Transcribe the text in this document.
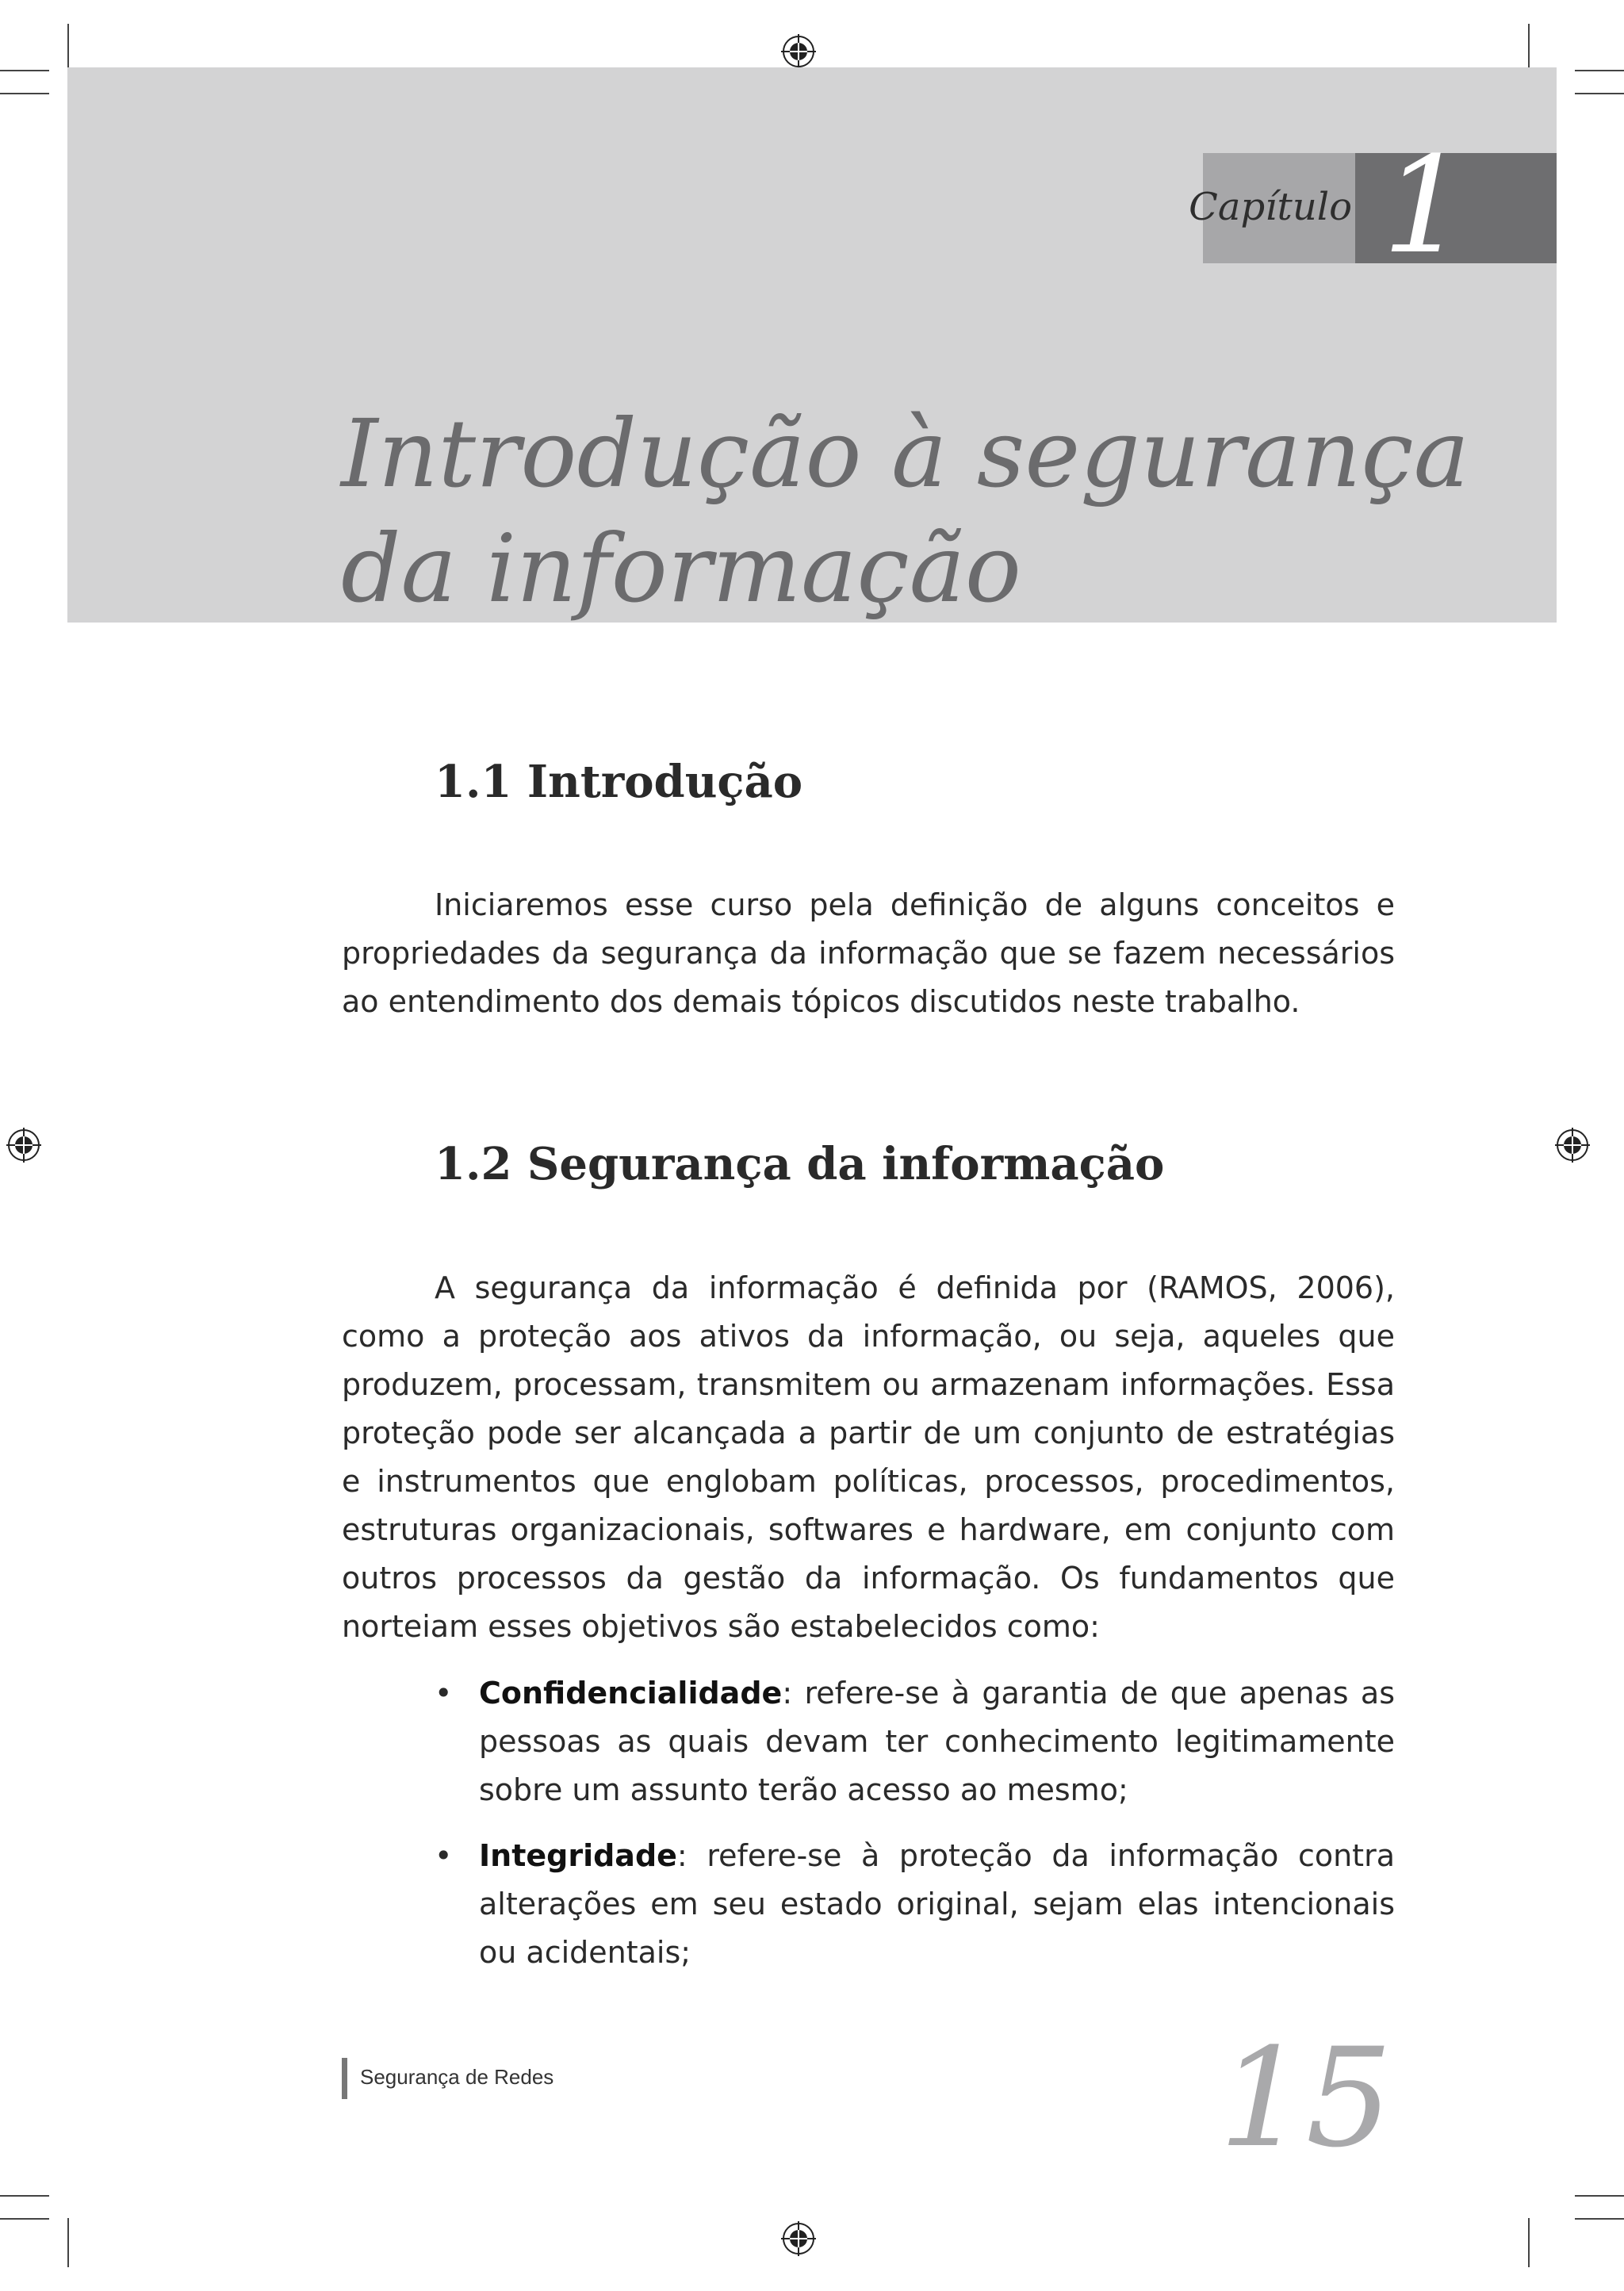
Capítulo 1
Introdução à segurança
da informação
1.1 Introdução

Iniciaremos esse curso pela definição de alguns conceitos e propriedades da segurança da informação que se fazem necessários ao entendimento dos demais tópicos discutidos neste trabalho.

1.2 Segurança da informação

A segurança da informação é definida por (RAMOS, 2006), como a proteção aos ativos da informação, ou seja, aqueles que produzem, processam, transmitem ou armazenam informações. Essa proteção pode ser alcançada a partir de um conjunto de estratégias e instrumentos que englobam políticas, processos, procedimentos, estruturas organizacionais, softwares e hardware, em conjunto com outros processos da gestão da informação. Os fundamentos que norteiam esses objetivos são estabelecidos como:

• Confidencialidade: refere-se à garantia de que apenas as pessoas as quais devam ter conhecimento legitimamente sobre um assunto terão acesso ao mesmo;
• Integridade: refere-se à proteção da informação contra alterações em seu estado original, sejam elas intencionais ou acidentais;
Segurança de Redes	15
